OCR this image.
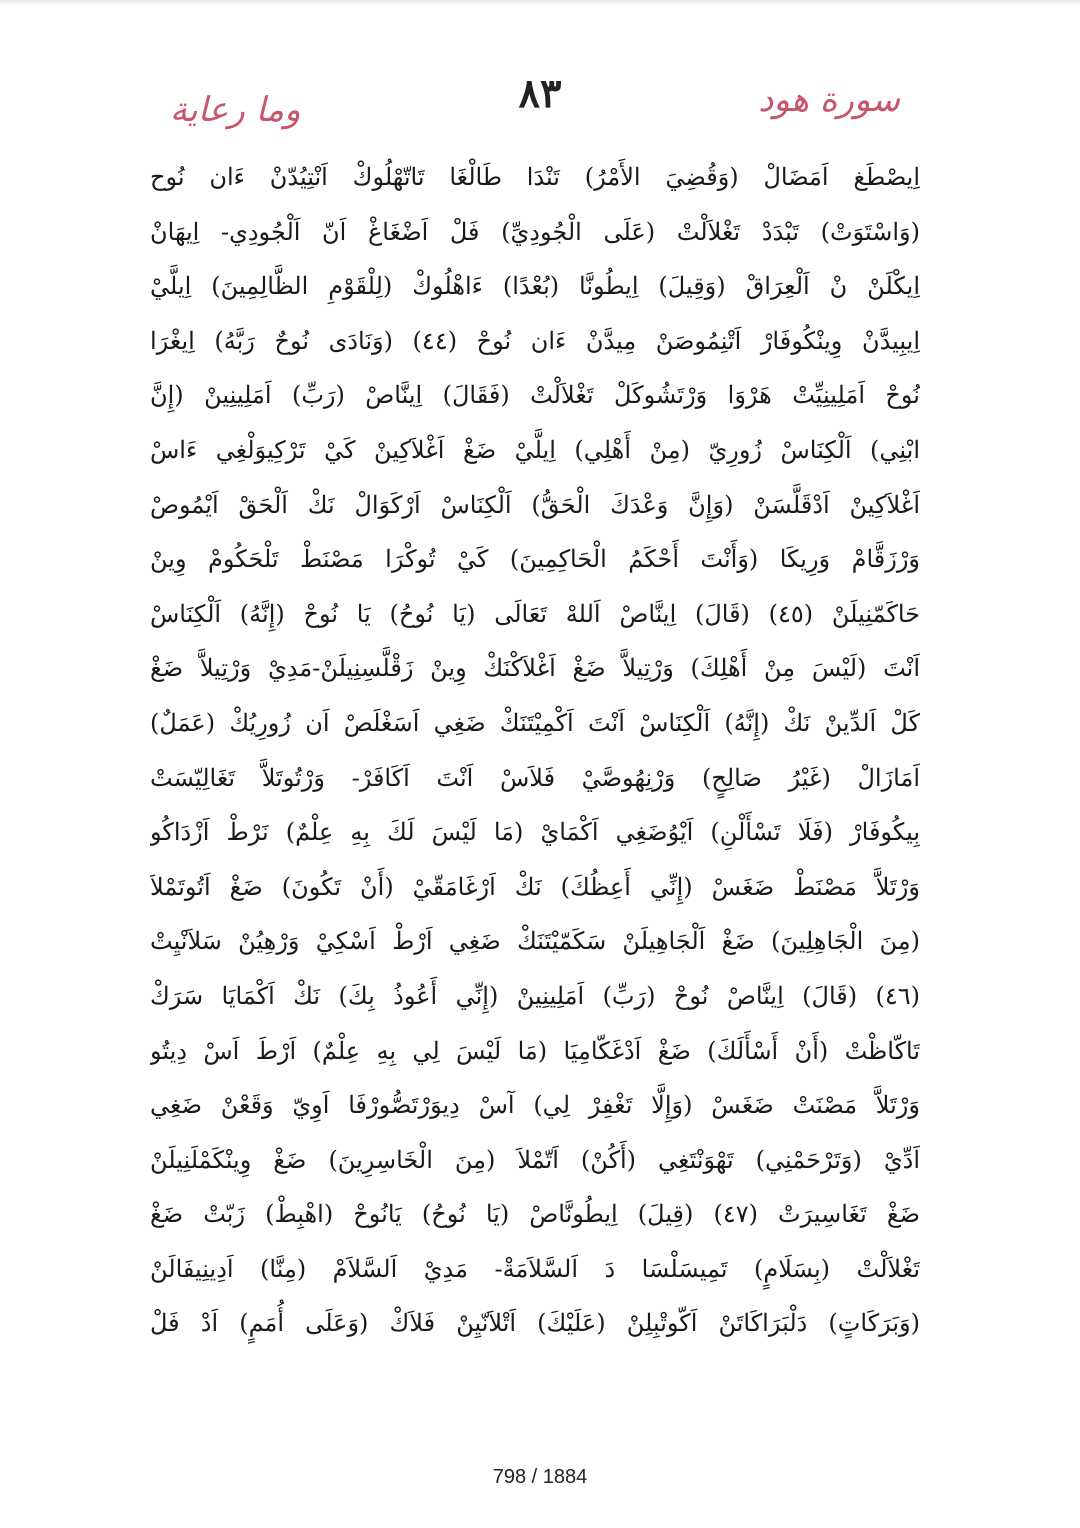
وما رعاية	٨٣	سورة هود
اِيصْطَغ اَمَضَالْ (وَقُضِيَ الأَمْرُ) تَنْدَا طَالْغَا تَاتّهْلُوكْ اَنْتِيُدّنْ ءَان نُوح
(وَاسْتَوَتْ) تَبْدَدْ تَغْلاَلْتْ (عَلَى الْجُودِيِّ) فَلْ اَضْغَاغْ اَنّ اَلْجُودِي- اِيهَانْ
اِيكْلَنْ نْ اَلْعِرَاقْ (وَقِيلَ) اِيطُونَّا (بُعْدًا) ءَاهْلُوكْ (لِلْقَوْمِ الظَّالِمِينَ) اِيلَّيْ
اِيبِيدَّنْ وِينْكُوفَارْ اَتْنِمُوصَنْ مِيدَّنْ ءَان نُوحْ (٤٤) (وَنَادَى نُوحٌ رَبَّهُ) اِيغْرَا
نُوحْ اَمَلِينِيِّتْ هَرْوَا وَرْتَشُوكَلْ تَغْلاَلْتْ (فَقَالَ) اِينَّاصْ (رَبِّ) اَمَلِينِينْ (إِنَّ
ابْنِي) اَلْكِنَاسْ زُورِيّ (مِنْ أَهْلِي) اِيلَّيْ ضَغْ اَغْلاَكِينْ كَيْ تَرْكِيوَلْغِي ءَاسْ
اَغْلاَكِينْ اَدْقَلَّسَنْ (وَإِنَّ وَعْدَكَ الْحَقُّ) اَلْكِنَاسْ اَرْكَوَالْ نَكْ اَلْحَقْ اَيْمُوصْ
وَرْزَقَّامْ وَرِيكَا (وَأَنْتَ أَحْكَمُ الْحَاكِمِينَ) كَيْ تُوكْرَا مَصْنَطْ تَلْحَكُومْ وِينْ
حَاكَمّنِيلَنْ (٤٥) (قَالَ) اِينَّاصْ اَللهْ تَعَالَى (يَا نُوحُ) يَا نُوحْ (إِنَّهُ) اَلْكِنَاسْ
اَنْتَ (لَيْسَ مِنْ أَهْلِكَ) وَرْتِيلاَّ ضَغْ اَغْلاَكْنَكْ وِينْ زَقْلَّسِنِيلَنْ-مَدِيْ وَرْتِيلاَّ ضَغْ
كَلْ اَلدِّينْ نَكْ (إِنَّهُ) اَلْكِنَاسْ اَنْتَ اَكْمِيْتَنَكْ ضَغِي اَسَغْلَصْ اَن زُورِيُكْ (عَمَلٌ)
اَمَازَالْ (غَيْرُ صَالِحٍ) وَرْنِهُوصَّيْ فَلاَسْ اَنْتَ اَكَافَرْ- وَرْتُوتَلاَّ تَغَالِيّسَتْ
بِيكُوفَارْ (فَلَا تَسْأَلْنِ) اَيْوُضَغِي اَكْمَايْ (مَا لَيْسَ لَكَ بِهِ عِلْمٌ) نَرْطْ اَزْدَاكُو
وَرْتَلاَّ مَصْنَطْ ضَغَسْ (إِنِّي أَعِظُكَ) نَكْ اَرْغَامَقّيْ (أَنْ تَكُونَ) ضَغْ اَتُوتَمْلاَ
(مِنَ الْجَاهِلِينَ) ضَغْ اَلْجَاهِيلَنْ سَكَمّيْتَنَكْ ضَغِي اَرْطْ اَسْكِيْ وَرْهِيُنْ سَلاَنْيِتْ
(٤٦) (قَالَ) اِينَّاصْ نُوحْ (رَبِّ) اَمَلِينِينْ (إِنِّي أَعُوذُ بِكَ) نَكْ اَكْمَايَا سَرَكْ
تَاكّاظْتْ (أَنْ أَسْأَلَكَ) ضَغْ اَدْغَكّامِيَا (مَا لَيْسَ لِي بِهِ عِلْمٌ) اَرْطَ اَسْ دِيتُو
وَرْتَلاَّ مَصْنَتْ ضَغَسْ (وَإِلَّا تَغْفِرْ لِي) آسْ دِيوَرْتَصُّورْفَا اَوِيّ وَقَعْنْ ضَغِي
اَدِّيْ (وَتَرْحَمْنِي) تَهْوَنْتَغِي (أَكُنْ) اَتّمْلاَ (مِنَ الْخَاسِرِينَ) ضَغْ وِينْكَمْلَنِيلَنْ
ضَغْ تَغَاسِيرَتْ (٤٧) (قِيلَ) اِيطُونَّاصْ (يَا نُوحُ) يَانُوحْ (اهْبِطْ) زَبّتْ ضَغْ
تَغْلاَلْتْ (بِسَلَامٍ) تَمِيسَلْسَا دَ اَلسَّلاَمَةْ- مَدِيْ اَلسَّلاَمْ (مِنَّا) اَدِينِيفَالَنْ
(وَبَرَكَاتٍ) دَلْبَرَاكَاتَنْ اَكّوتْبِلِنْ (عَلَيْكَ) اَتْلاَنّيِنْ فَلاَكْ (وَعَلَى أُمَمٍ) اَدْ فَلْ
798 / 1884
